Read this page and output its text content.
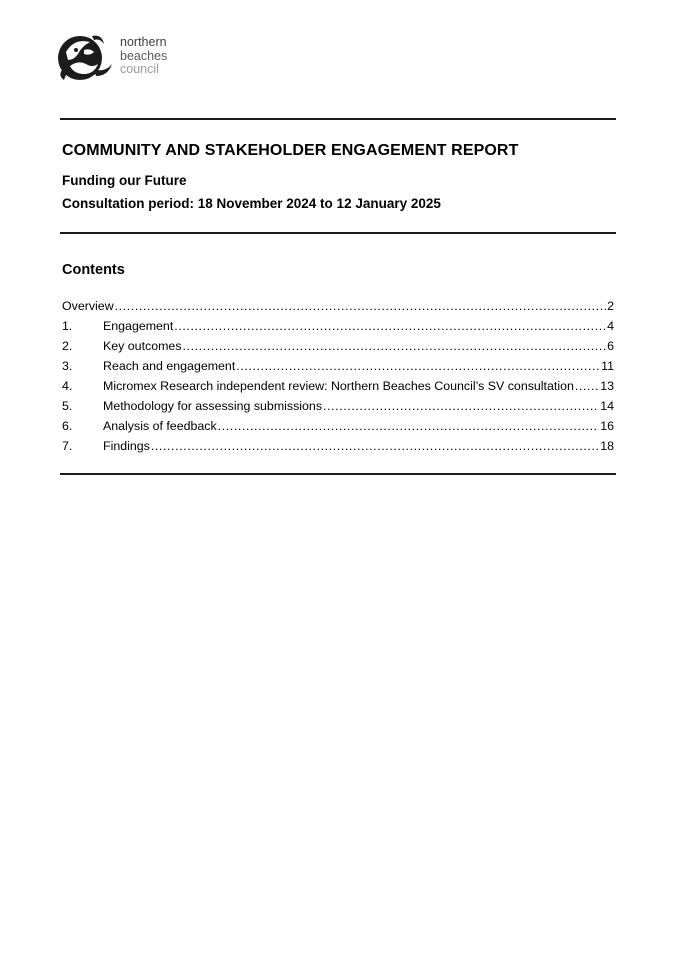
northern
beaches
council
COMMUNITY AND STAKEHOLDER ENGAGEMENT REPORT
Funding our Future
Consultation period: 18 November 2024 to 12 January 2025
Contents
Overview .....	2
1.	Engagement .....	4
2.	Key outcomes .....	6
3.	Reach and engagement .....	11
4.	Micromex Research independent review: Northern Beaches Council’s SV consultation ..... 13
5.	Methodology for assessing submissions .....	14
6.	Analysis of feedback .....	16
7.	Findings .....	18
